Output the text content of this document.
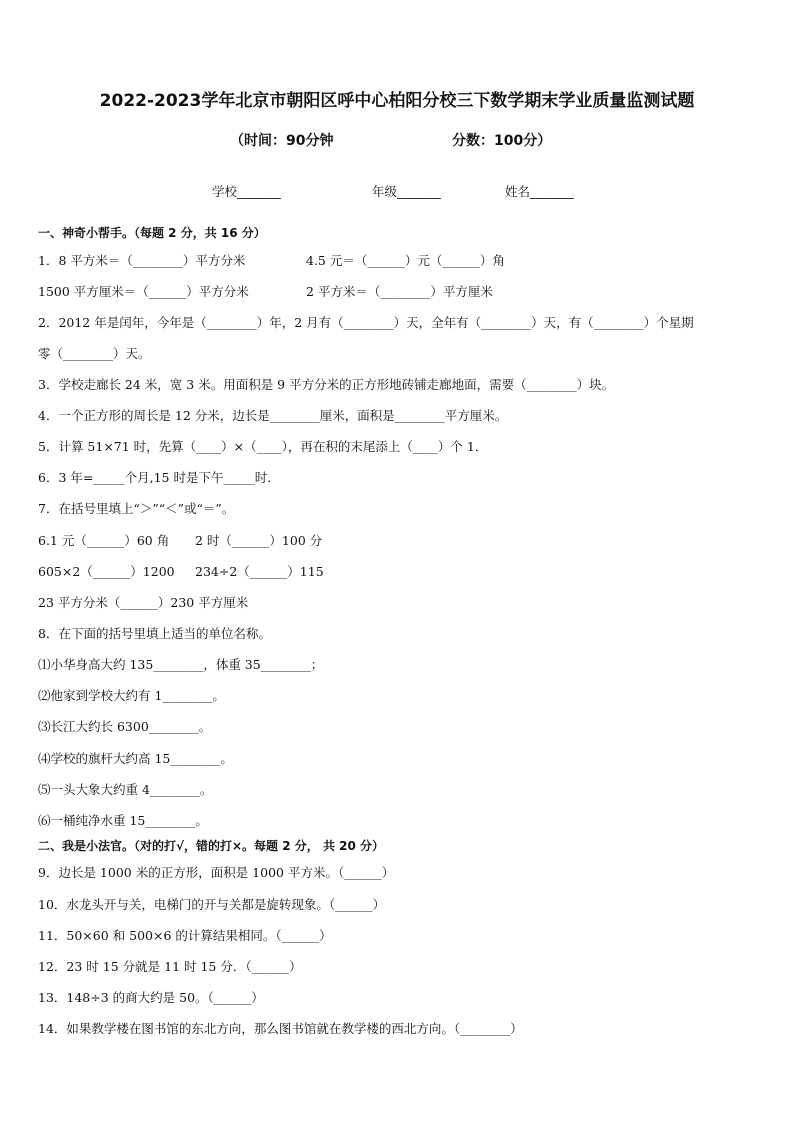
2022-2023学年北京市朝阳区呼中心柏阳分校三下数学期末学业质量监测试题
（时间：90分钟	分数：100分）
学校_______	年级_______	姓名_______
一、神奇小帮手。（每题 2 分，共 16 分）
1．8 平方米＝（________）平方分米	4.5 元＝（______）元（______）角
1500 平方厘米＝（______）平方分米	2 平方米＝（________）平方厘米
2．2012 年是闰年，今年是（________）年，2 月有（________）天，全年有（________）天，有（________）个星期
零（________）天。
3．学校走廊长 24 米，宽 3 米。用面积是 9 平方分米的正方形地砖铺走廊地面，需要（________）块。
4．一个正方形的周长是 12 分米，边长是________厘米，面积是________平方厘米。
5．计算 51×71 时，先算（____）×（____），再在积的末尾添上（____）个 1．
6．3 年=_____个月,15 时是下午_____时．
7．在括号里填上“＞”“＜”或“＝”。
6.1 元（______）60 角 2 时（______）100 分
605×2（______）1200 234÷2（______）115
23 平方分米（______）230 平方厘米
8．在下面的括号里填上适当的单位名称。
⑴小华身高大约 135________，体重 35________；
⑵他家到学校大约有 1________。
⑶长江大约长 6300________。
⑷学校的旗杆大约高 15________。
⑸一头大象大约重 4________。
⑹一桶纯净水重 15________。
二、我是小法官。（对的打√，错的打×。每题 2 分， 共 20 分）
9．边长是 1000 米的正方形，面积是 1000 平方米。（______）
10．水龙头开与关，电梯门的开与关都是旋转现象。（______）
11．50×60 和 500×6 的计算结果相同。（______）
12．23 时 15 分就是 11 时 15 分．（______）
13．148÷3 的商大约是 50。（______）
14．如果教学楼在图书馆的东北方向，那么图书馆就在教学楼的西北方向。（________）
